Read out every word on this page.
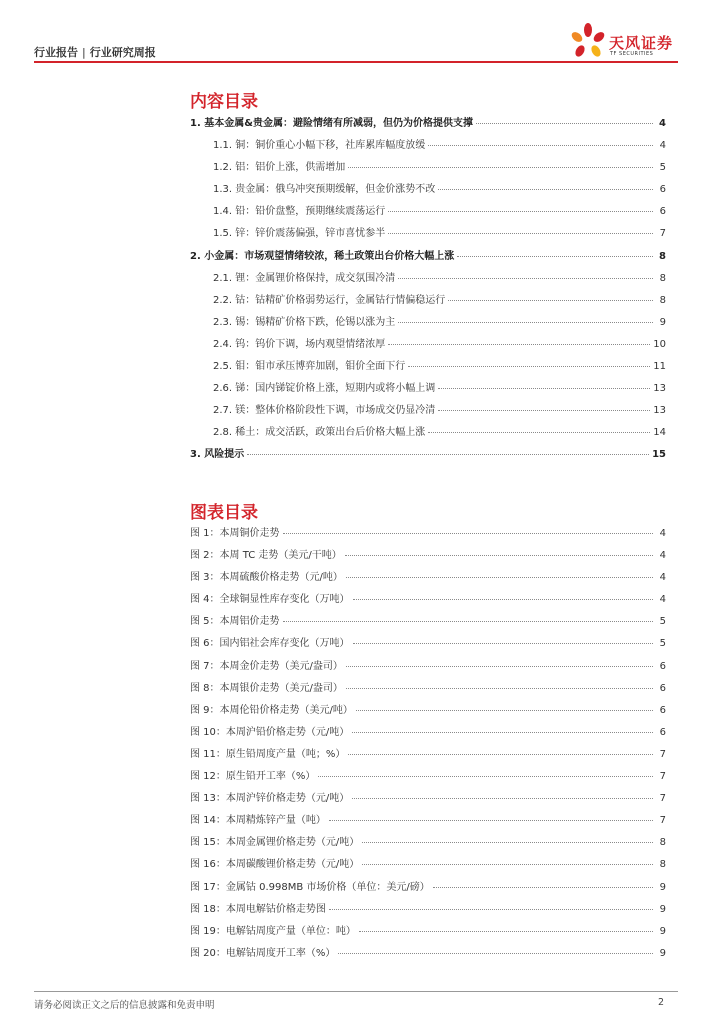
行业报告 | 行业研究周报
天风证券
TF SECURITIES
内容目录
1. 基本金属&贵金属：避险情绪有所减弱，但仍为价格提供支撑	4
1.1. 铜：铜价重心小幅下移，社库累库幅度放缓	4
1.2. 铝：铝价上涨，供需增加	5
1.3. 贵金属：俄乌冲突预期缓解，但金价涨势不改	6
1.4. 铅：铅价盘整，预期继续震荡运行	6
1.5. 锌：锌价震荡偏强，锌市喜忧参半	7
2. 小金属：市场观望情绪较浓，稀土政策出台价格大幅上涨	8
2.1. 锂：金属锂价格保持，成交氛围冷清	8
2.2. 钴：钴精矿价格弱势运行，金属钴行情偏稳运行	8
2.3. 锡：锡精矿价格下跌，伦锡以涨为主	9
2.4. 钨：钨价下调，场内观望情绪浓厚	10
2.5. 钼：钼市承压博弈加剧，钼价全面下行	11
2.6. 锑：国内锑锭价格上涨，短期内或将小幅上调	13
2.7. 镁：整体价格阶段性下调，市场成交仍显冷清	13
2.8. 稀土：成交活跃，政策出台后价格大幅上涨	14
3. 风险提示	15
图表目录
图 1：本周铜价走势	4
图 2：本周 TC 走势（美元/干吨）	4
图 3：本周硫酸价格走势（元/吨）	4
图 4：全球铜显性库存变化（万吨）	4
图 5：本周铝价走势	5
图 6：国内铝社会库存变化（万吨）	5
图 7：本周金价走势（美元/盎司）	6
图 8：本周银价走势（美元/盎司）	6
图 9：本周伦铅价格走势（美元/吨）	6
图 10：本周沪铅价格走势（元/吨）	6
图 11：原生铅周度产量（吨；%）	7
图 12：原生铅开工率（%）	7
图 13：本周沪锌价格走势（元/吨）	7
图 14：本周精炼锌产量（吨）	7
图 15：本周金属锂价格走势（元/吨）	8
图 16：本周碳酸锂价格走势（元/吨）	8
图 17：金属钴 0.998MB 市场价格（单位：美元/磅）	9
图 18：本周电解钴价格走势图	9
图 19：电解钴周度产量（单位：吨）	9
图 20：电解钴周度开工率（%）	9
请务必阅读正文之后的信息披露和免责申明	2
